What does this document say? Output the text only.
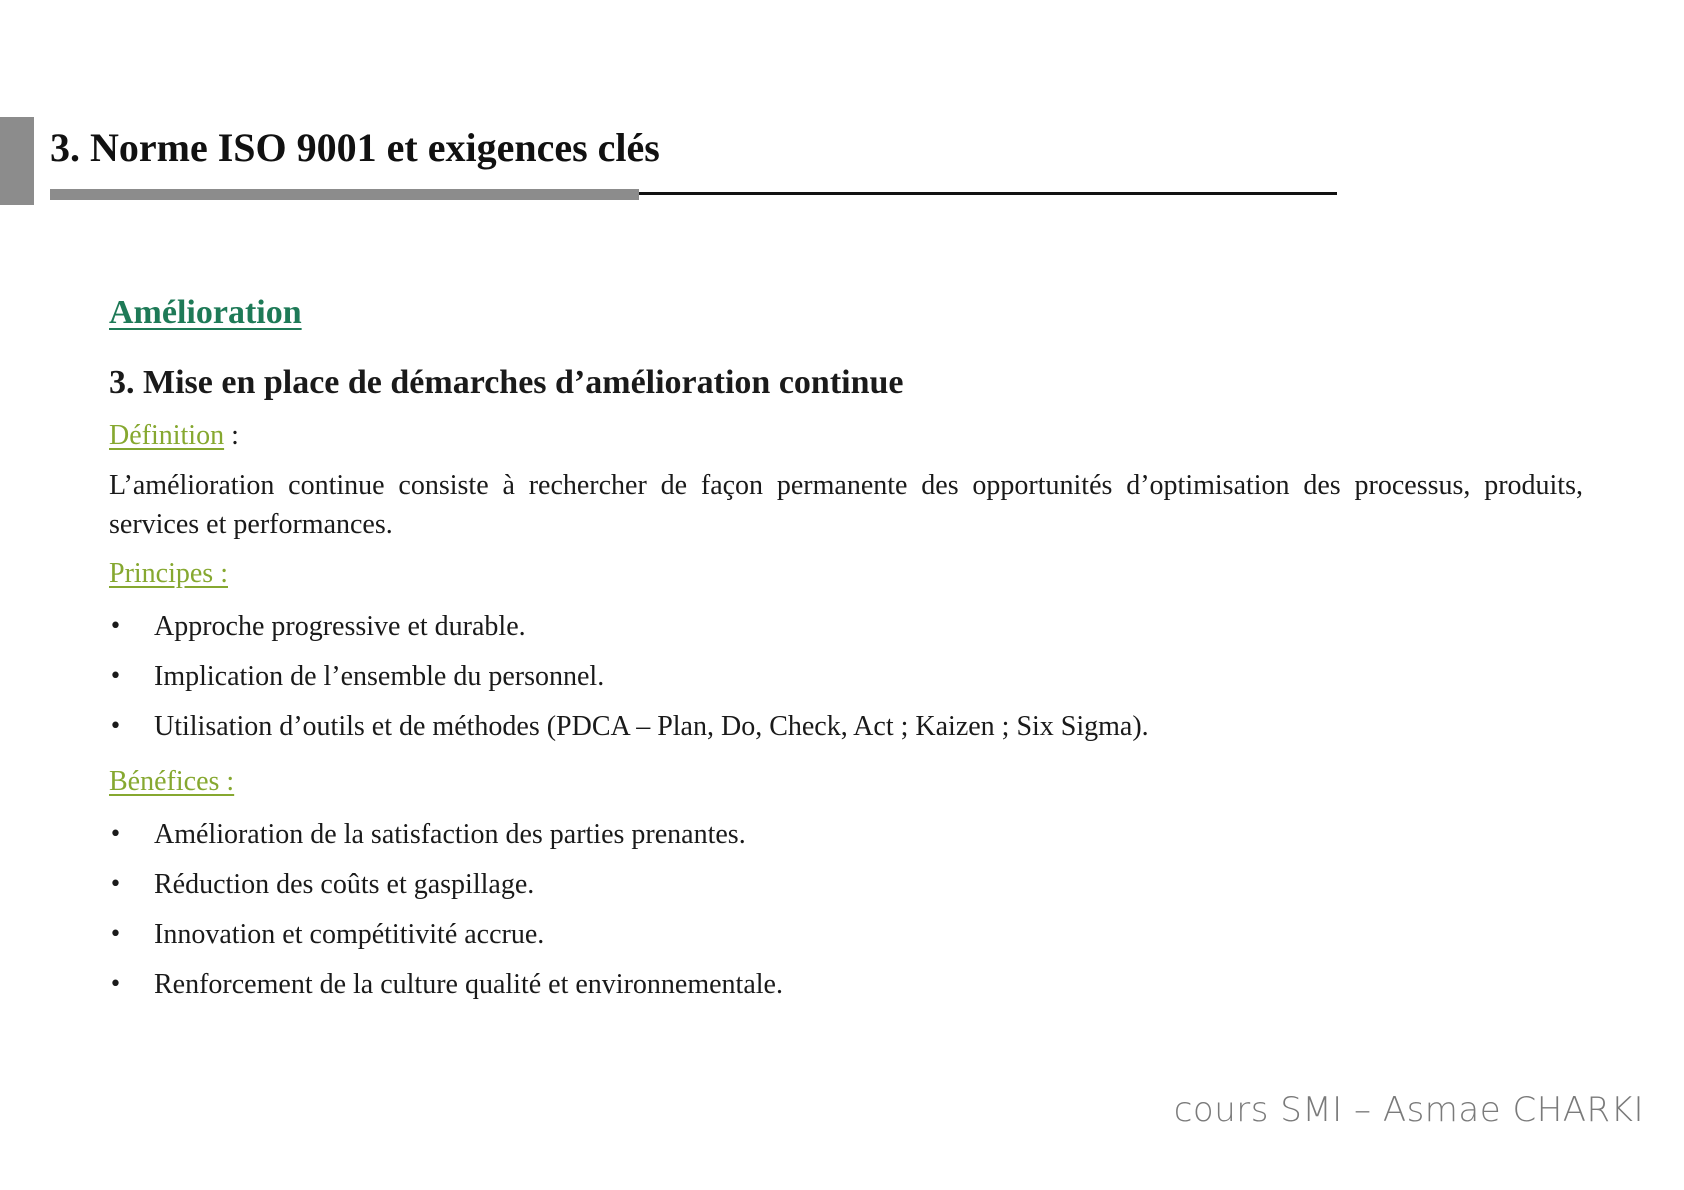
3. Norme ISO 9001 et exigences clés
Amélioration
3. Mise en place de démarches d’amélioration continue

Définition :

L’amélioration continue consiste à rechercher de façon permanente des opportunités d’optimisation des processus, produits, services et performances.

Principes :

• Approche progressive et durable.
• Implication de l’ensemble du personnel.
• Utilisation d’outils et de méthodes (PDCA – Plan, Do, Check, Act ; Kaizen ; Six Sigma).

Bénéfices :

• Amélioration de la satisfaction des parties prenantes.
• Réduction des coûts et gaspillage.
• Innovation et compétitivité accrue.
• Renforcement de la culture qualité et environnementale.
cours SMI – Asmae CHARKI
